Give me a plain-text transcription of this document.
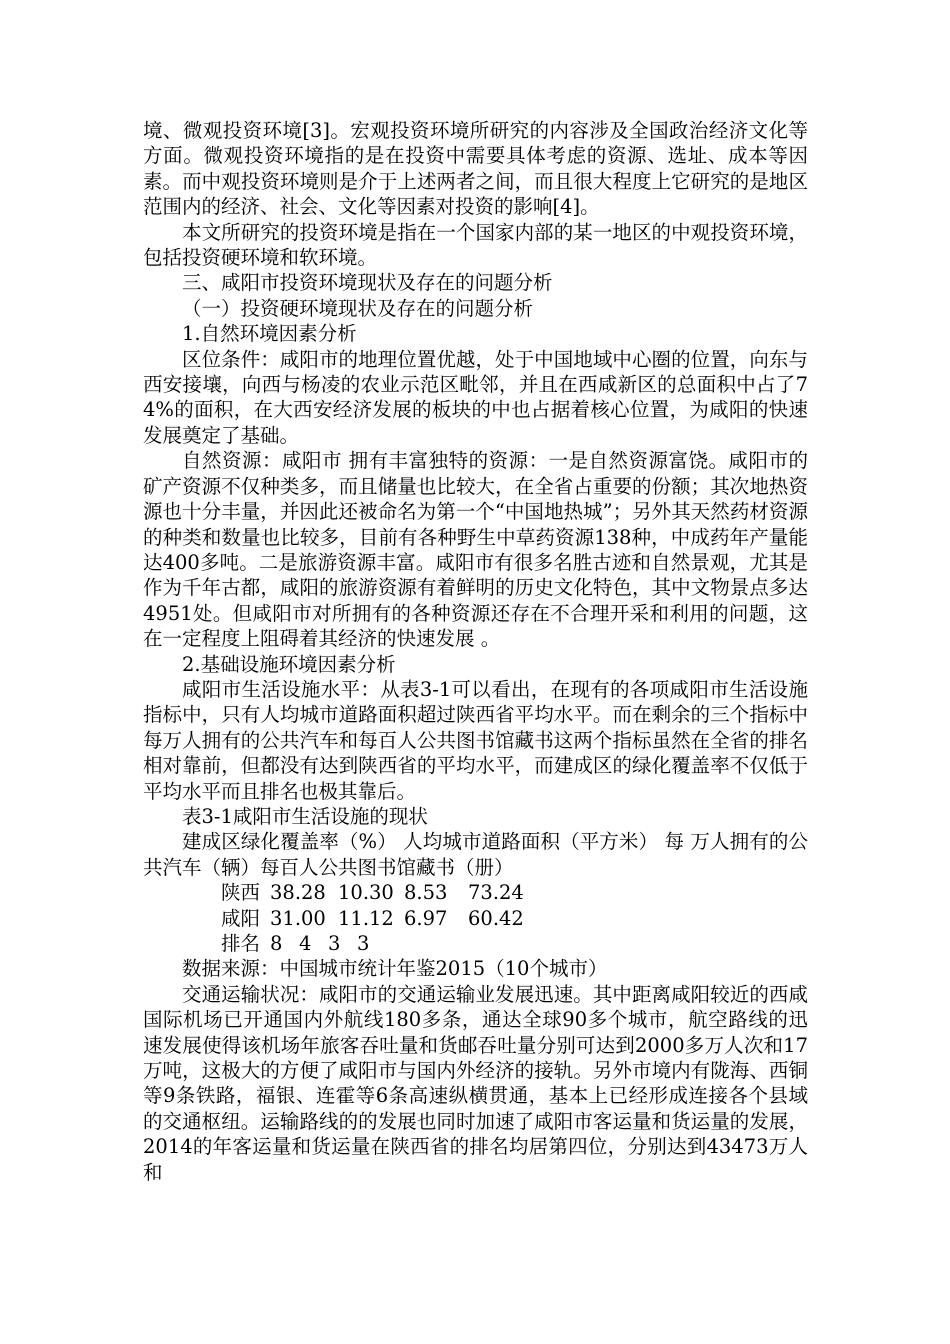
境、微观投资环境[3]。宏观投资环境所研究的内容涉及全国政治经济文化等方面。微观投资环境指的是在投资中需要具体考虑的资源、选址、成本等因素。而中观投资环境则是介于上述两者之间，而且很大程度上它研究的是地区范围内的经济、社会、文化等因素对投资的影响[4]。

本文所研究的投资环境是指在一个国家内部的某一地区的中观投资环境，包括投资硬环境和软环境。

三、咸阳市投资环境现状及存在的问题分析

（一）投资硬环境现状及存在的问题分析

1.自然环境因素分析

区位条件：咸阳市的地理位置优越，处于中国地域中心圈的位置，向东与西安接壤，向西与杨凌的农业示范区毗邻，并且在西咸新区的总面积中占了74%的面积，在大西安经济发展的板块的中也占据着核心位置，为咸阳的快速发展奠定了基础。

自然资源：咸阳市 拥有丰富独特的资源：一是自然资源富饶。咸阳市的矿产资源不仅种类多，而且储量也比较大，在全省占重要的份额；其次地热资源也十分丰量，并因此还被命名为第一个“中国地热城”；另外其天然药材资源的种类和数量也比较多，目前有各种野生中草药资源138种，中成药年产量能达400多吨。二是旅游资源丰富。咸阳市有很多名胜古迹和自然景观，尤其是作为千年古都，咸阳的旅游资源有着鲜明的历史文化特色，其中文物景点多达4951处。但咸阳市对所拥有的各种资源还存在不合理开采和利用的问题，这在一定程度上阻碍着其经济的快速发展 。

2.基础设施环境因素分析

咸阳市生活设施水平：从表3-1可以看出，在现有的各项咸阳市生活设施指标中，只有人均城市道路面积超过陕西省平均水平。而在剩余的三个指标中每万人拥有的公共汽车和每百人公共图书馆藏书这两个指标虽然在全省的排名相对靠前，但都没有达到陕西省的平均水平，而建成区的绿化覆盖率不仅低于平均水平而且排名也极其靠后。

表3-1咸阳市生活设施的现状

建成区绿化覆盖率（%） 人均城市道路面积（平方米） 每 万人拥有的公共汽车（辆）每百人公共图书馆藏书（册）

陕西 38.28 10.30 8.53 73.24
咸阳 31.00 11.12 6.97 60.42
排名 8 4 3 3

数据来源：中国城市统计年鉴2015（10个城市）

交通运输状况：咸阳市的交通运输业发展迅速。其中距离咸阳较近的西咸国际机场已开通国内外航线180多条，通达全球90多个城市，航空路线的迅速发展使得该机场年旅客吞吐量和货邮吞吐量分别可达到2000多万人次和17万吨，这极大的方便了咸阳市与国内外经济的接轨。另外市境内有陇海、西铜等9条铁路，福银、连霍等6条高速纵横贯通，基本上已经形成连接各个县域的交通枢纽。运输路线的的发展也同时加速了咸阳市客运量和货运量的发展，2014的年客运量和货运量在陕西省的排名均居第四位，分别达到43473万人和
